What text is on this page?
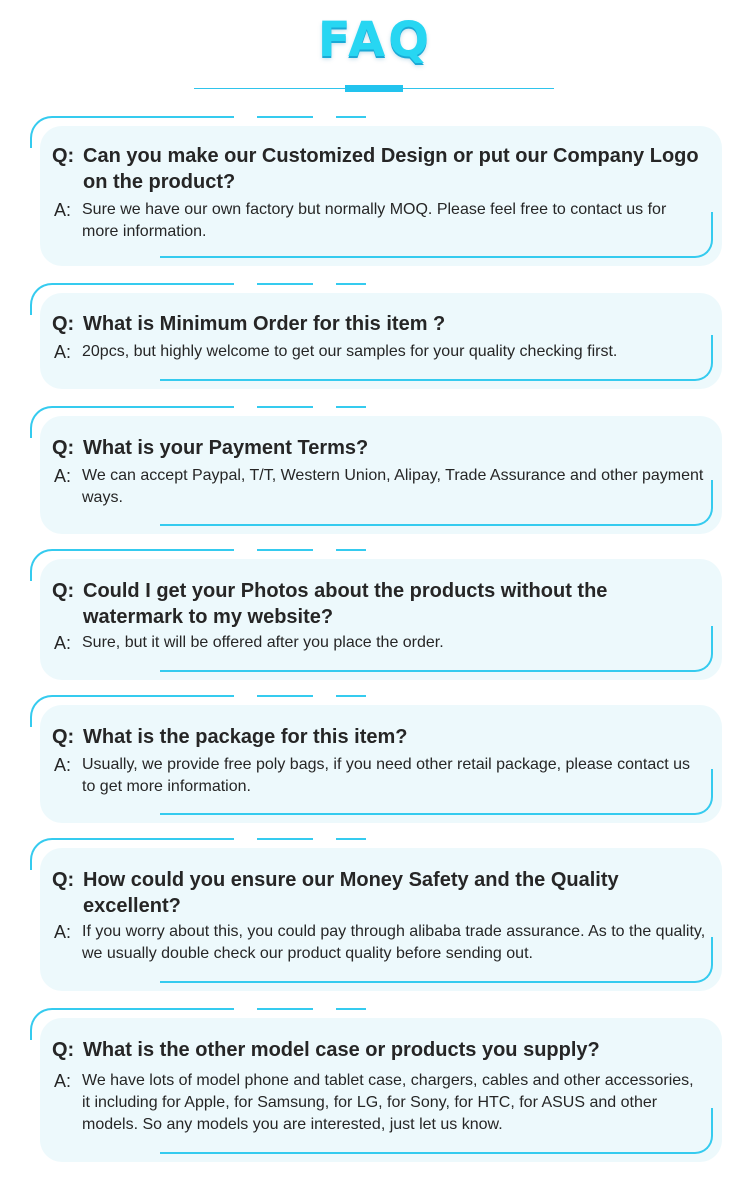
FAQ
Q: Can you make our Customized Design or put our Company Logo on the product?
A: Sure we have our own factory but normally MOQ. Please feel free to contact us for more information.
Q: What is Minimum Order for this item ?
A: 20pcs, but highly welcome to get our samples for your quality checking first.
Q: What is your Payment Terms?
A: We can accept Paypal, T/T, Western Union, Alipay, Trade Assurance and other payment ways.
Q: Could I get your Photos about the products without the watermark to my website?
A: Sure, but it will be offered after you place the order.
Q: What is the package for this item?
A: Usually, we provide free poly bags, if you need other retail package, please contact us to get more information.
Q: How could you ensure our Money Safety and the Quality excellent?
A: If you worry about this, you could pay through alibaba trade assurance. As to the quality, we usually double check our product quality before sending out.
Q: What is the other model case or products you supply?
A: We have lots of model phone and tablet case, chargers, cables and other accessories, it including for Apple, for Samsung, for LG, for Sony, for HTC, for ASUS and other models. So any models you are interested, just let us know.
